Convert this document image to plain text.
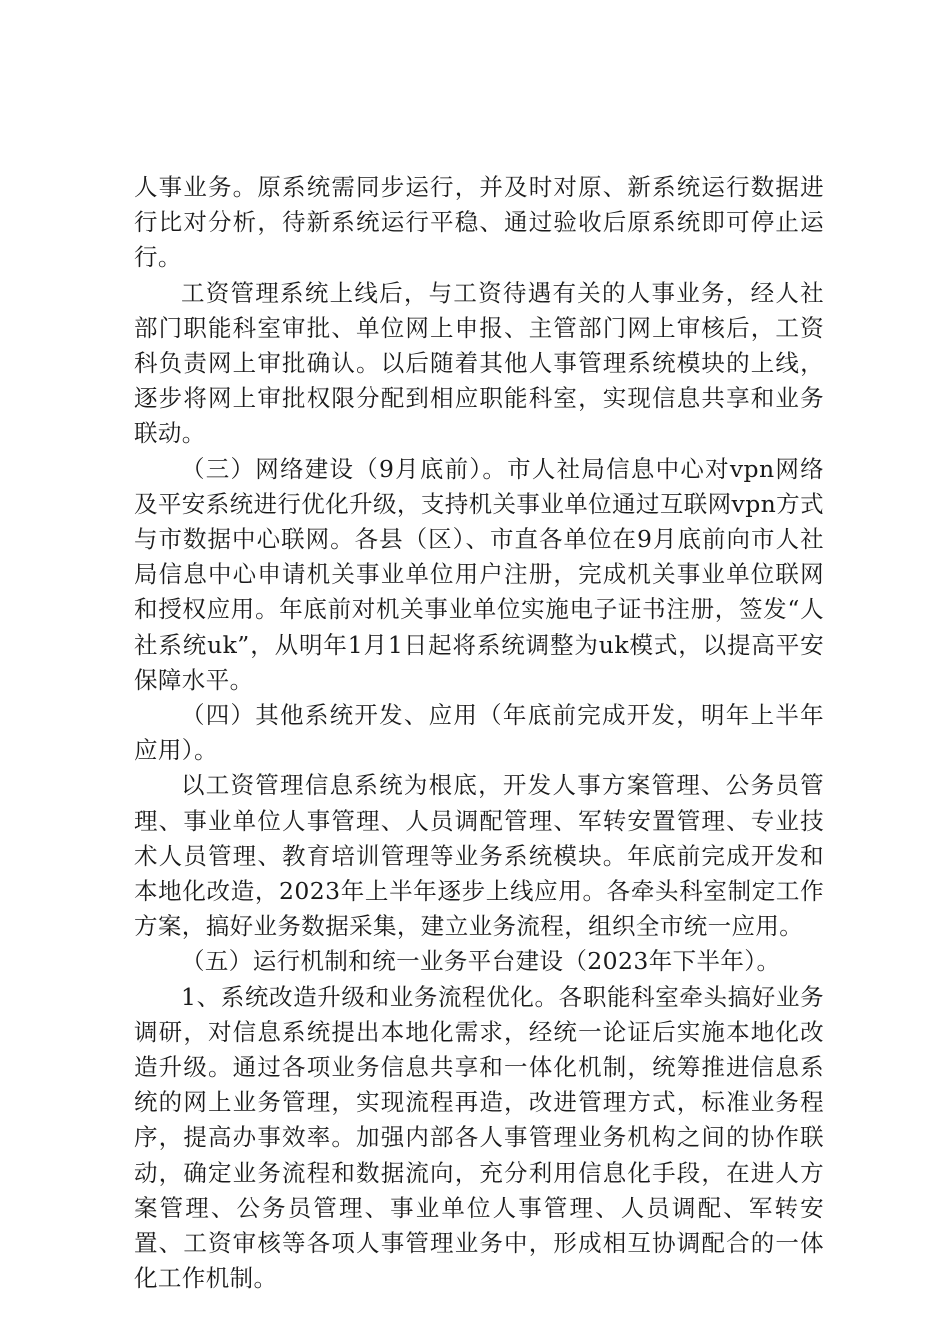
人事业务。原系统需同步运行，并及时对原、新系统运行数据进行比对分析，待新系统运行平稳、通过验收后原系统即可停止运行。

工资管理系统上线后，与工资待遇有关的人事业务，经人社部门职能科室审批、单位网上申报、主管部门网上审核后，工资科负责网上审批确认。以后随着其他人事管理系统模块的上线，逐步将网上审批权限分配到相应职能科室，实现信息共享和业务联动。

（三）网络建设（9月底前）。市人社局信息中心对vpn网络及平安系统进行优化升级，支持机关事业单位通过互联网vpn方式与市数据中心联网。各县（区）、市直各单位在9月底前向市人社局信息中心申请机关事业单位用户注册，完成机关事业单位联网和授权应用。年底前对机关事业单位实施电子证书注册，签发“人社系统uk”，从明年1月1日起将系统调整为uk模式，以提高平安保障水平。

（四）其他系统开发、应用（年底前完成开发，明年上半年应用）。

以工资管理信息系统为根底，开发人事方案管理、公务员管理、事业单位人事管理、人员调配管理、军转安置管理、专业技术人员管理、教育培训管理等业务系统模块。年底前完成开发和本地化改造，2023年上半年逐步上线应用。各牵头科室制定工作方案，搞好业务数据采集，建立业务流程，组织全市统一应用。

（五）运行机制和统一业务平台建设（2023年下半年）。

1、系统改造升级和业务流程优化。各职能科室牵头搞好业务调研，对信息系统提出本地化需求，经统一论证后实施本地化改造升级。通过各项业务信息共享和一体化机制，统筹推进信息系统的网上业务管理，实现流程再造，改进管理方式，标准业务程序，提高办事效率。加强内部各人事管理业务机构之间的协作联动，确定业务流程和数据流向，充分利用信息化手段，在进人方案管理、公务员管理、事业单位人事管理、人员调配、军转安置、工资审核等各项人事管理业务中，形成相互协调配合的一体化工作机制。
